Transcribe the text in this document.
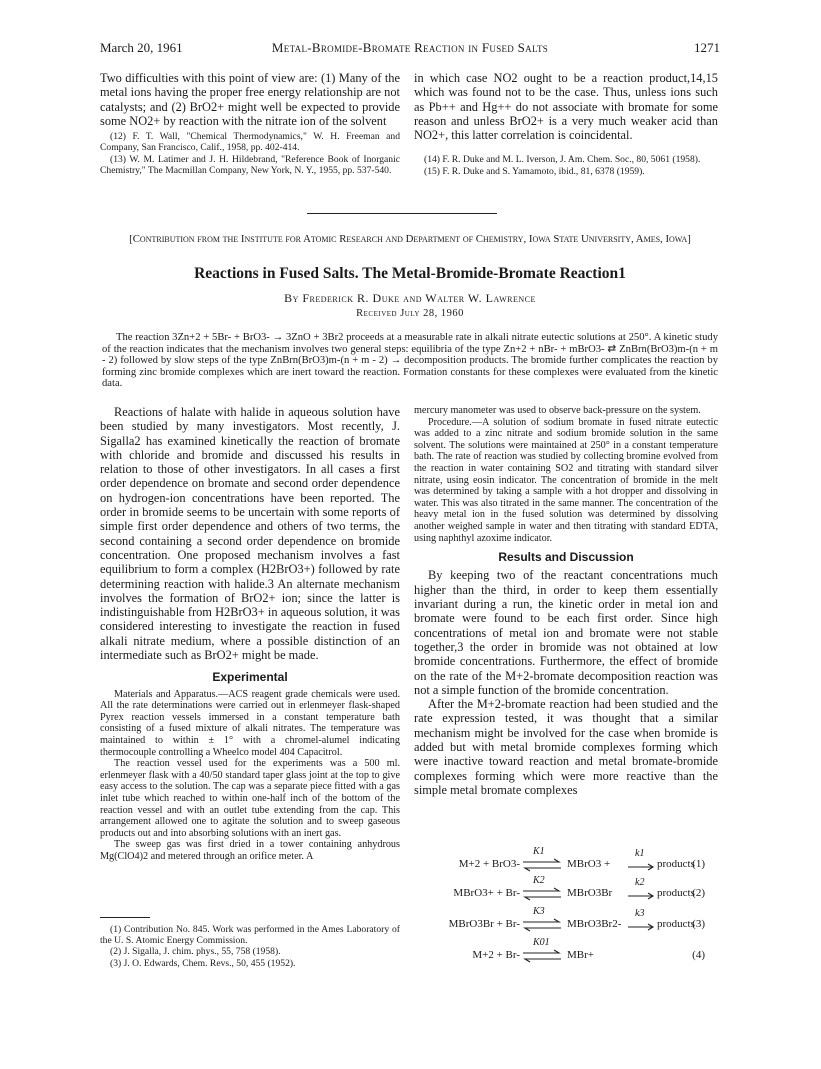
March 20, 1961	Metal-Bromide-Bromate Reaction in Fused Salts	1271

Two difficulties with this point of view are: (1) Many of the metal ions having the proper free energy relationship are not catalysts; and (2) BrO2+ might well be expected to provide some NO2+ by reaction with the nitrate ion of the solvent

(12) F. T. Wall, "Chemical Thermodynamics," W. H. Freeman and Company, San Francisco, Calif., 1958, pp. 402-414.

(13) W. M. Latimer and J. H. Hildebrand, "Reference Book of Inorganic Chemistry," The Macmillan Company, New York, N. Y., 1955, pp. 537-540.

in which case NO2 ought to be a reaction product,14,15 which was found not to be the case. Thus, unless ions such as Pb++ and Hg++ do not associate with bromate for some reason and unless BrO2+ is a very much weaker acid than NO2+, this latter correlation is coincidental.

(14) F. R. Duke and M. L. Iverson, J. Am. Chem. Soc., 80, 5061 (1958).

(15) F. R. Duke and S. Yamamoto, ibid., 81, 6378 (1959).

[Contribution from the Institute for Atomic Research and Department of Chemistry, Iowa State University, Ames, Iowa]
Reactions in Fused Salts. The Metal-Bromide-Bromate Reaction1
By Frederick R. Duke and Walter W. Lawrence
Received July 28, 1960

The reaction 3Zn+2 + 5Br- + BrO3- → 3ZnO + 3Br2 proceeds at a measurable rate in alkali nitrate eutectic solutions at 250°. A kinetic study of the reaction indicates that the mechanism involves two general steps: equilibria of the type Zn+2 + nBr- + mBrO3- ⇄ ZnBrn(BrO3)m-(n + m - 2) followed by slow steps of the type ZnBrn(BrO3)m-(n + m - 2) → decomposition products. The bromide further complicates the reaction by forming zinc bromide complexes which are inert toward the reaction. Formation constants for these complexes were evaluated from the kinetic data.

Reactions of halate with halide in aqueous solution have been studied by many investigators. Most recently, J. Sigalla2 has examined kinetically the reaction of bromate with chloride and bromide and discussed his results in relation to those of other investigators. In all cases a first order dependence on bromate and second order dependence on hydrogen-ion concentrations have been reported. The order in bromide seems to be uncertain with some reports of simple first order dependence and others of two terms, the second containing a second order dependence on bromide concentration. One proposed mechanism involves a fast equilibrium to form a complex (H2BrO3+) followed by rate determining reaction with halide.3 An alternate mechanism involves the formation of BrO2+ ion; since the latter is indistinguishable from H2BrO3+ in aqueous solution, it was considered interesting to investigate the reaction in fused alkali nitrate medium, where a possible distinction of an intermediate such as BrO2+ might be made.

Experimental

Materials and Apparatus.—ACS reagent grade chemicals were used. All the rate determinations were carried out in erlenmeyer flask-shaped Pyrex reaction vessels immersed in a constant temperature bath consisting of a fused mixture of alkali nitrates. The temperature was maintained to within ± 1° with a chromel-alumel indicating thermocouple controlling a Wheelco model 404 Capacitrol.

The reaction vessel used for the experiments was a 500 ml. erlenmeyer flask with a 40/50 standard taper glass joint at the top to give easy access to the solution. The cap was a separate piece fitted with a gas inlet tube which reached to within one-half inch of the bottom of the reaction vessel and with an outlet tube extending from the cap. This arrangement allowed one to agitate the solution and to sweep gaseous products out and into absorbing solutions with an inert gas.

The sweep gas was first dried in a tower containing anhydrous Mg(ClO4)2 and metered through an orifice meter. A

(1) Contribution No. 845. Work was performed in the Ames Laboratory of the U. S. Atomic Energy Commission.

(2) J. Sigalla, J. chim. phys., 55, 758 (1958).

(3) J. O. Edwards, Chem. Revs., 50, 455 (1952).

mercury manometer was used to observe back-pressure on the system.

Procedure.—A solution of sodium bromate in fused nitrate eutectic was added to a zinc nitrate and sodium bromide solution in the same solvent. The solutions were maintained at 250° in a constant temperature bath. The rate of reaction was studied by collecting bromine evolved from the reaction in water containing SO2 and titrating with standard silver nitrate, using eosin indicator. The concentration of bromide in the melt was determined by taking a sample with a hot dropper and dissolving in water. This was also titrated in the same manner. The concentration of the heavy metal ion in the fused solution was determined by dissolving another weighed sample in water and then titrating with standard EDTA, using naphthyl azoxime indicator.

Results and Discussion

By keeping two of the reactant concentrations much higher than the third, in order to keep them essentially invariant during a run, the kinetic order in metal ion and bromate were found to be each first order. Since high concentrations of metal ion and bromate were not stable together,3 the order in bromide was not obtained at low bromide concentrations. Furthermore, the effect of bromide on the rate of the M+2-bromate decomposition reaction was not a simple function of the bromide concentration.

After the M+2-bromate reaction had been studied and the rate expression tested, it was thought that a similar mechanism might be involved for the case when bromide is added but with metal bromide complexes forming which were inactive toward reaction and metal bromate-bromide complexes forming which were more reactive than the simple metal bromate complexes

M+2 + BrO3-
K1
⇌ MBrO3 +
k1
products
(1)
MBrO3+ + Br-
K2
⇌ MBrO3Br
k2
products
(2)
MBrO3Br + Br-
K3
⇌ MBrO3Br2-
k3
products
(3)
M+2 + Br-
K01
⇌ MBr+	(4)
